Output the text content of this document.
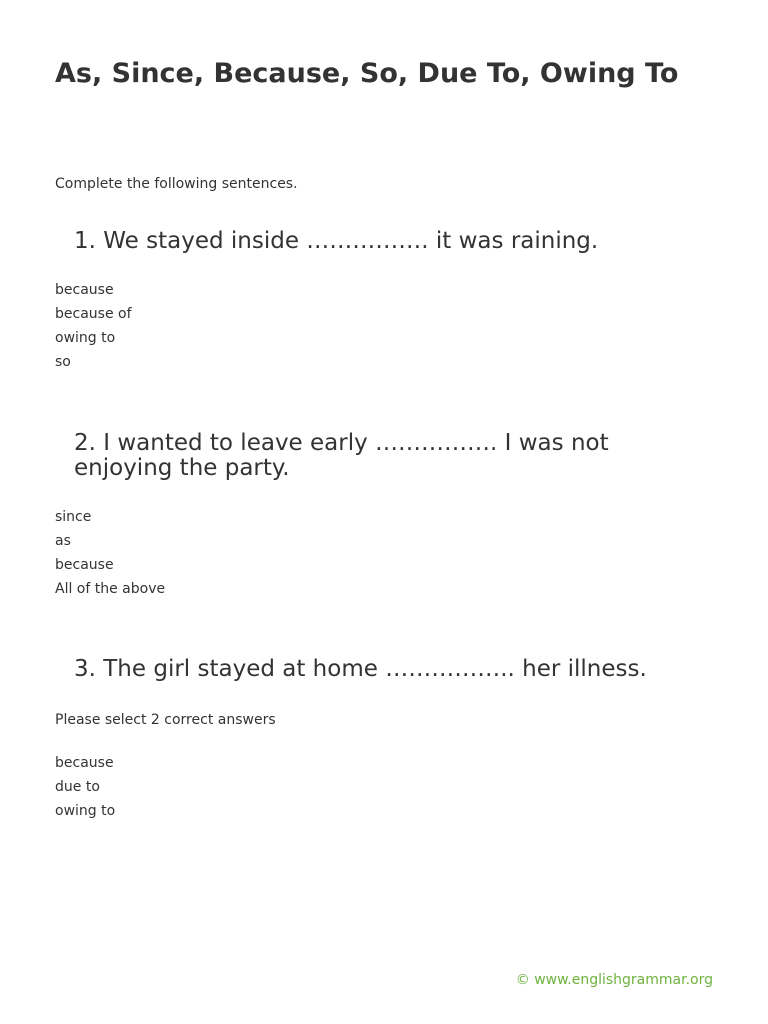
As, Since, Because, So, Due To, Owing To
Complete the following sentences.
1. We stayed inside ……………. it was raining.
because
because of
owing to
so
2. I wanted to leave early ……………. I was not enjoying the party.
since
as
because
All of the above
3. The girl stayed at home …………….. her illness.
Please select 2 correct answers
because
due to
owing to
© www.englishgrammar.org
